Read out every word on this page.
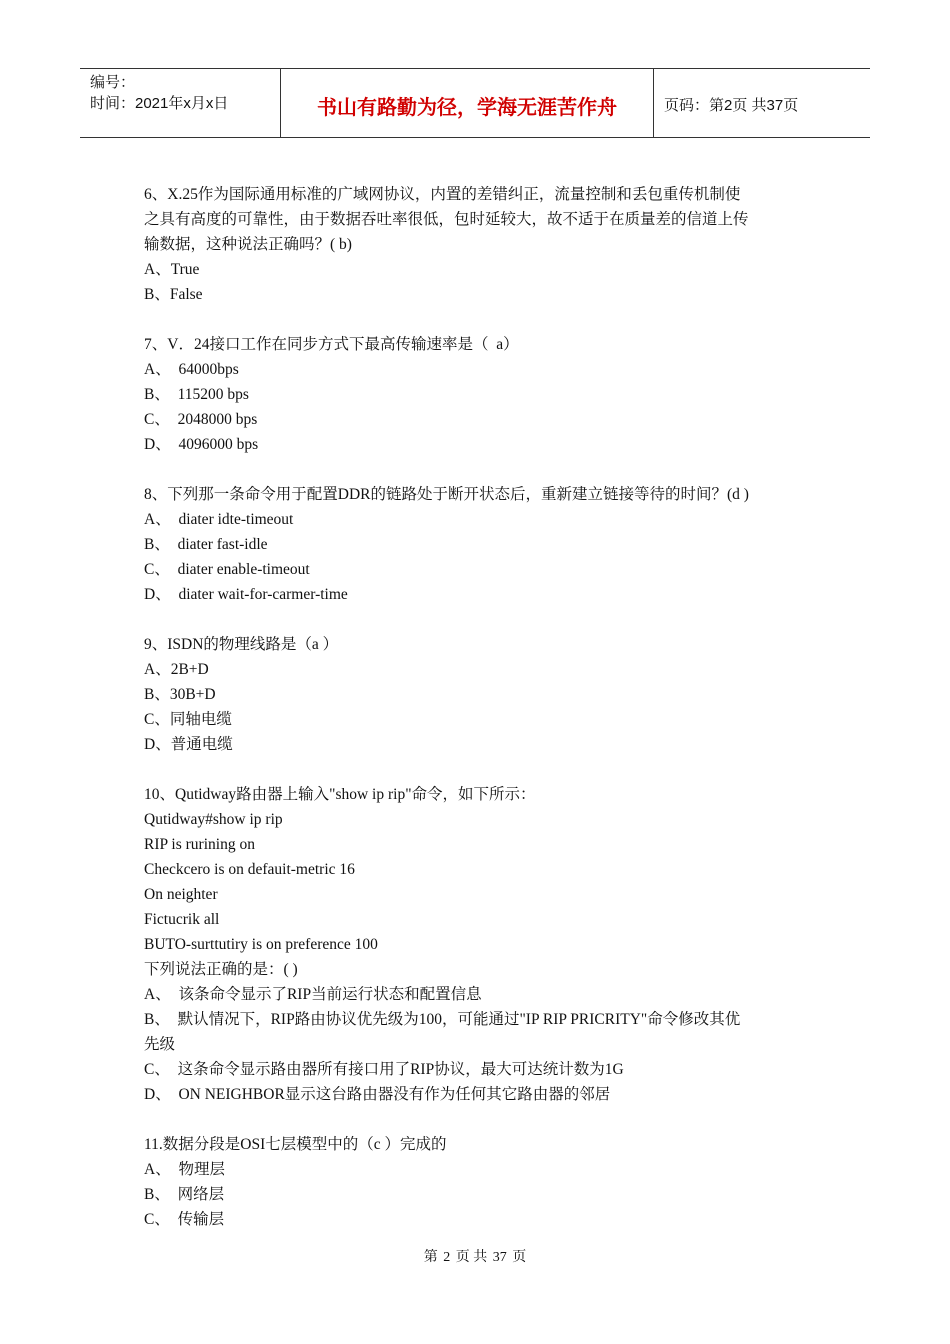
编号：
时间：2021年x月x日	书山有路勤为径，学海无涯苦作舟	页码：第2页 共37页
6、X.25作为国际通用标准的广域网协议，内置的差错纠正，流量控制和丢包重传机制使
之具有高度的可靠性，由于数据吞吐率很低，包时延较大，故不适于在质量差的信道上传
输数据，这种说法正确吗？( b)
A、True
B、False
7、V．24接口工作在同步方式下最高传输速率是（  a）
A、  64000bps
B、  115200 bps
C、  2048000 bps
D、  4096000 bps
8、下列那一条命令用于配置DDR的链路处于断开状态后，重新建立链接等待的时间？(d )
A、  diater idte-timeout
B、  diater fast-idle
C、  diater enable-timeout
D、  diater wait-for-carmer-time
9、ISDN的物理线路是（a ）
A、2B+D
B、30B+D
C、同轴电缆
D、普通电缆
10、Qutidway路由器上输入"show ip rip"命令，如下所示：
Qutidway#show ip rip
RIP is rurining on
Checkcero is on defauit-metric 16
On neighter
Fictucrik all
BUTO-surttutiry is on preference 100
下列说法正确的是：( )
A、  该条命令显示了RIP当前运行状态和配置信息
B、  默认情况下，RIP路由协议优先级为100，可能通过"IP RIP PRICRITY"命令修改其优
先级
C、  这条命令显示路由器所有接口用了RIP协议，最大可达统计数为1G
D、  ON NEIGHBOR显示这台路由器没有作为任何其它路由器的邻居
11.数据分段是OSI七层模型中的（c ）完成的
A、  物理层
B、  网络层
C、  传输层
第 2 页 共 37 页
